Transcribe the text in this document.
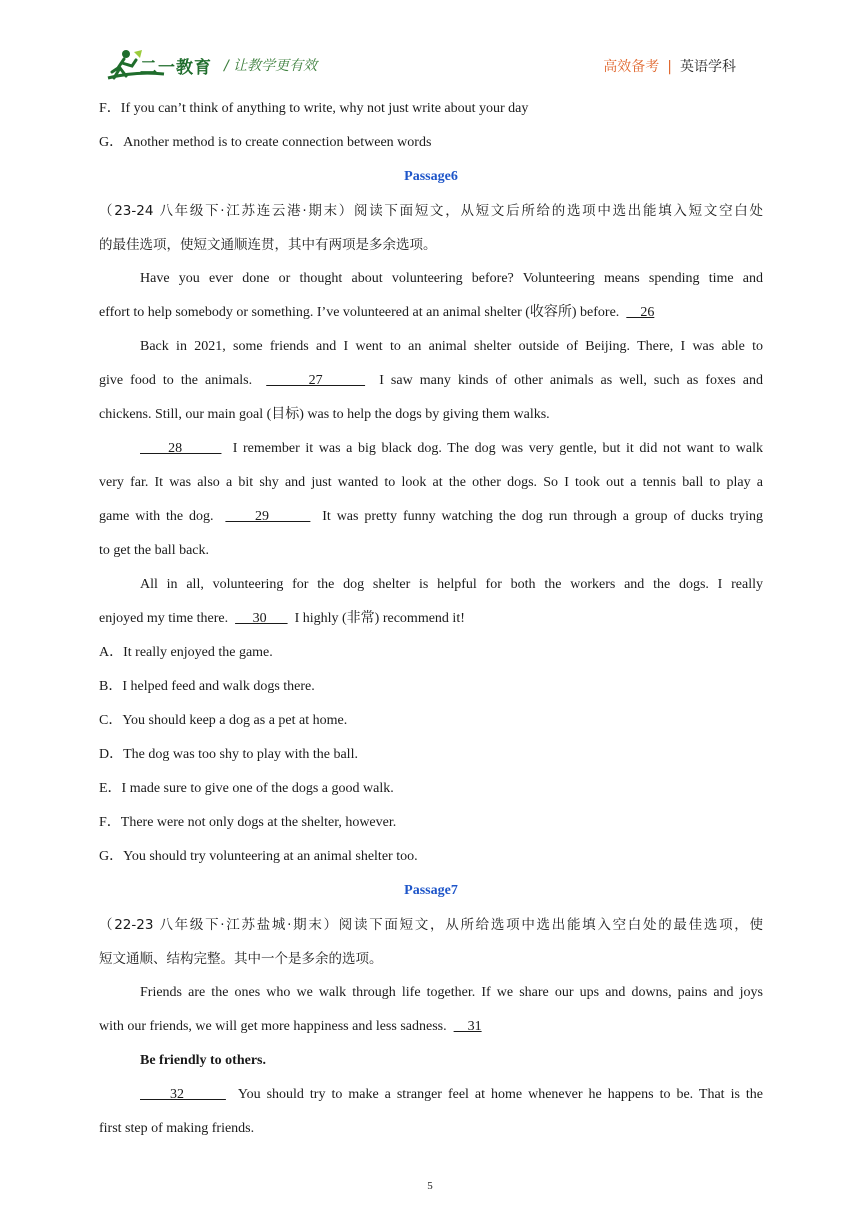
二一教育 / 让教学更有效	高效备考 | 英语学科

F．If you can’t think of anything to write, why not just write about your day

G．Another method is to create connection between words

Passage6

（23-24 八年级下·江苏连云港·期末）阅读下面短文，从短文后所给的选项中选出能填入短文空白处

的最佳选项，使短文通顺连贯，其中有两项是多余选项。

Have you ever done or thought about volunteering before? Volunteering means spending time and

effort to help somebody or something. I’ve volunteered at an animal shelter (收容所) before.      26

Back in 2021, some friends and I went to an animal shelter outside of Beijing. There, I was able to

give food to the animals.        27        I saw many kinds of other animals as well, such as foxes and

chickens. Still, our main goal (目标) was to help the dogs by giving them walks.

28         I remember it was a big black dog. The dog was very gentle, but it did not want to walk

very far. It was also a bit shy and just wanted to look at the other dogs. So I took out a tennis ball to play a

game with the dog.       29         It was pretty funny watching the dog run through a group of ducks trying

to get the ball back.

All in all, volunteering for the dog shelter is helpful for both the workers and the dogs. I really

enjoyed my time there.       30        I highly (非常) recommend it!

A．It really enjoyed the game.

B．I helped feed and walk dogs there.

C．You should keep a dog as a pet at home.

D．The dog was too shy to play with the ball.

E．I made sure to give one of the dogs a good walk.

F．There were not only dogs at the shelter, however.

G．You should try volunteering at an animal shelter too.

Passage7

（22-23 八年级下·江苏盐城·期末）阅读下面短文，从所给选项中选出能填入空白处的最佳选项，使

短文通顺、结构完整。其中一个是多余的选项。

Friends are the ones who we walk through life together. If we share our ups and downs, pains and joys

with our friends, we will get more happiness and less sadness.      31

Be friendly to others.

32         You should try to make a stranger feel at home whenever he happens to be. That is the

first step of making friends.

5
